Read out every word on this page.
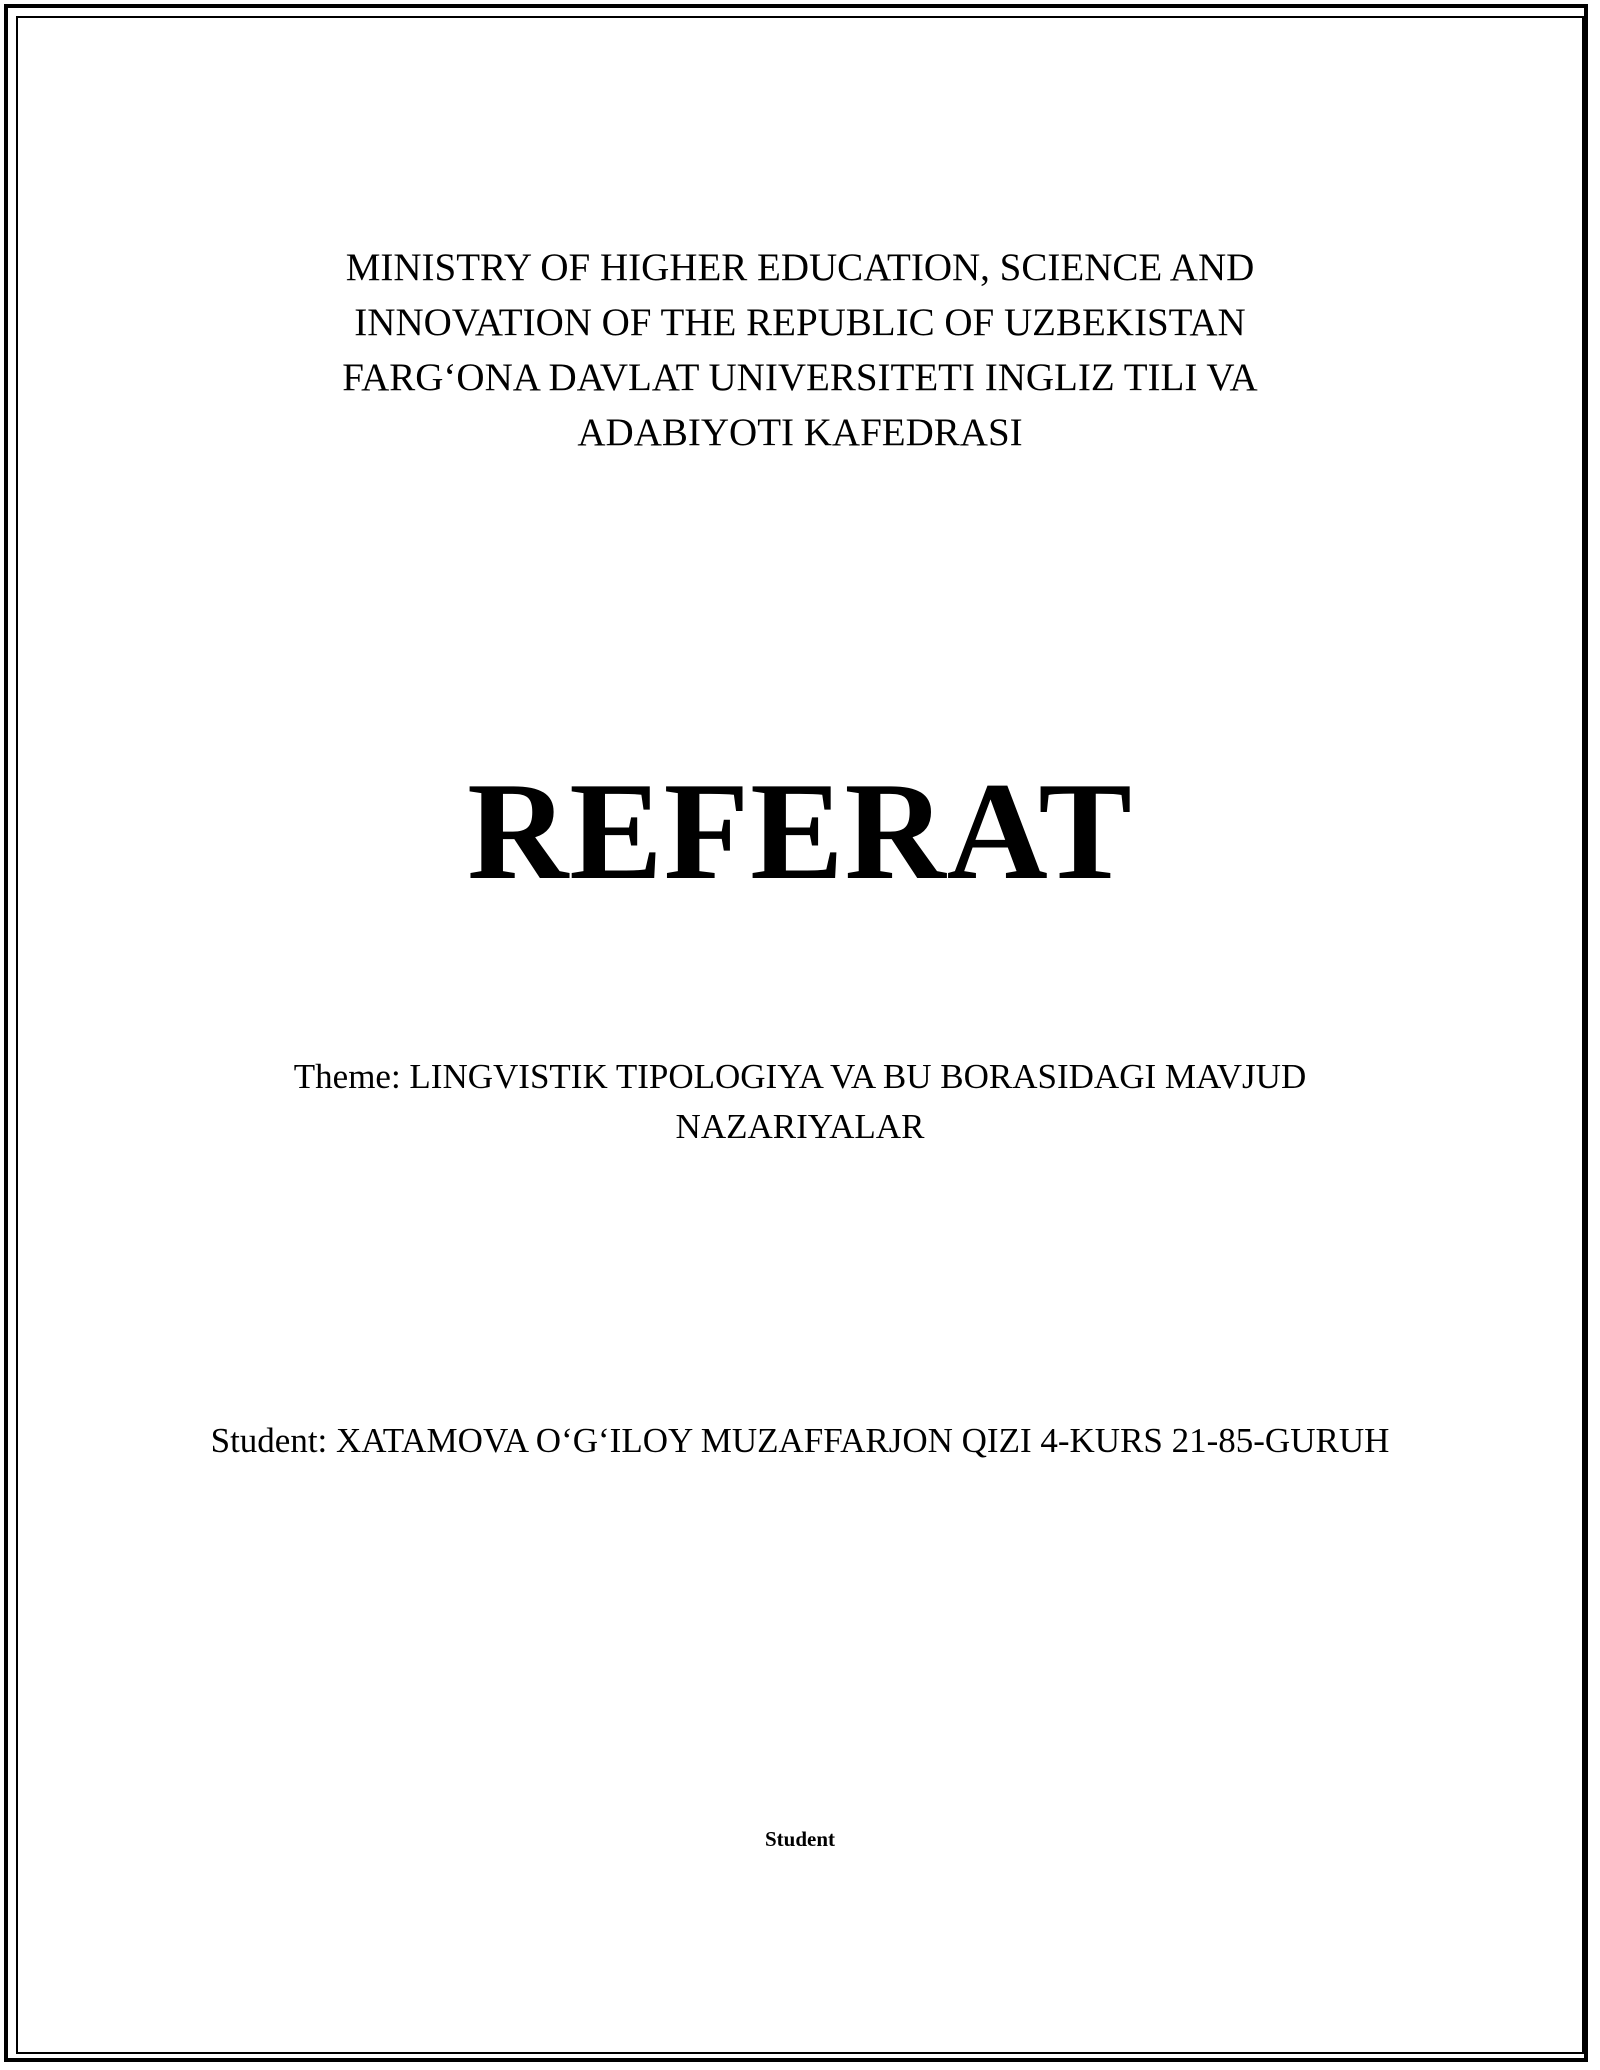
MINISTRY OF HIGHER EDUCATION, SCIENCE AND
INNOVATION OF THE REPUBLIC OF UZBEKISTAN
FARG‘ONA DAVLAT UNIVERSITETI INGLIZ TILI VA
ADABIYOTI KAFEDRASI
REFERAT
Theme: LINGVISTIK TIPOLOGIYA VA BU BORASIDAGI MAVJUD NAZARIYALAR
Student: XATAMOVA O‘G‘ILOY MUZAFFARJON QIZI 4-KURS 21-85-GURUH
Student
